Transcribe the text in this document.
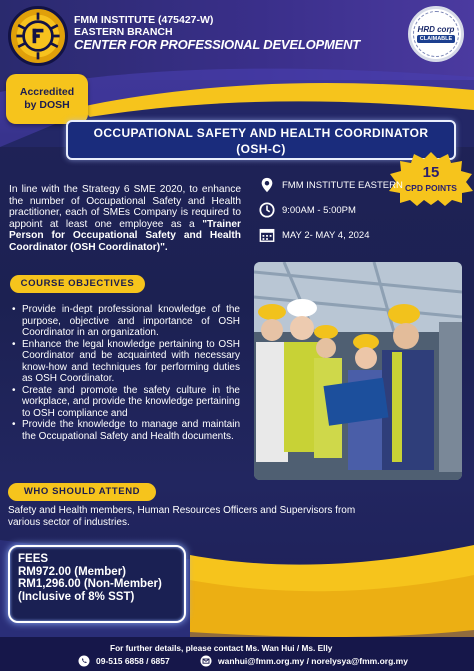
FMM INSTITUTE (475427-W)
EASTERN BRANCH
CENTER FOR PROFESSIONAL DEVELOPMENT
HRD corp
CLAIMABLE
Accredited
by DOSH
OCCUPATIONAL SAFETY AND HEALTH COORDINATOR
(OSH-C)
15
CPD POINTS
In line with the Strategy 6 SME 2020, to enhance the number of Occupational Safety and Health practitioner, each of SMEs Company is required to appoint at least one employee as a "Trainer Person for Occupational Safety and Health Coordinator (OSH Coordinator)".
FMM INSTITUTE EASTERN
9:00AM - 5:00PM
MAY 2- MAY 4, 2024
COURSE OBJECTIVES
• Provide in-dept professional knowledge of the purpose, objective and importance of OSH Coordinator in an organization.
• Enhance the legal knowledge pertaining to OSH Coordinator and be acquainted with necessary know-how and techniques for performing duties as OSH Coordinator.
• Create and promote the safety culture in the workplace, and provide the knowledge pertaining to OSH compliance and
• Provide the knowledge to manage and maintain the Occupational Safety and Health documents.
WHO SHOULD ATTEND
Safety and Health members, Human Resources Officers and Supervisors from various sector of industries.
FEES
RM972.00 (Member)
RM1,296.00 (Non-Member)
(Inclusive of 8% SST)
For further details, please contact Ms. Wan Hui / Ms. Elly
09-515 6858 / 6857	wanhui@fmm.org.my / norelysya@fmm.org.my
